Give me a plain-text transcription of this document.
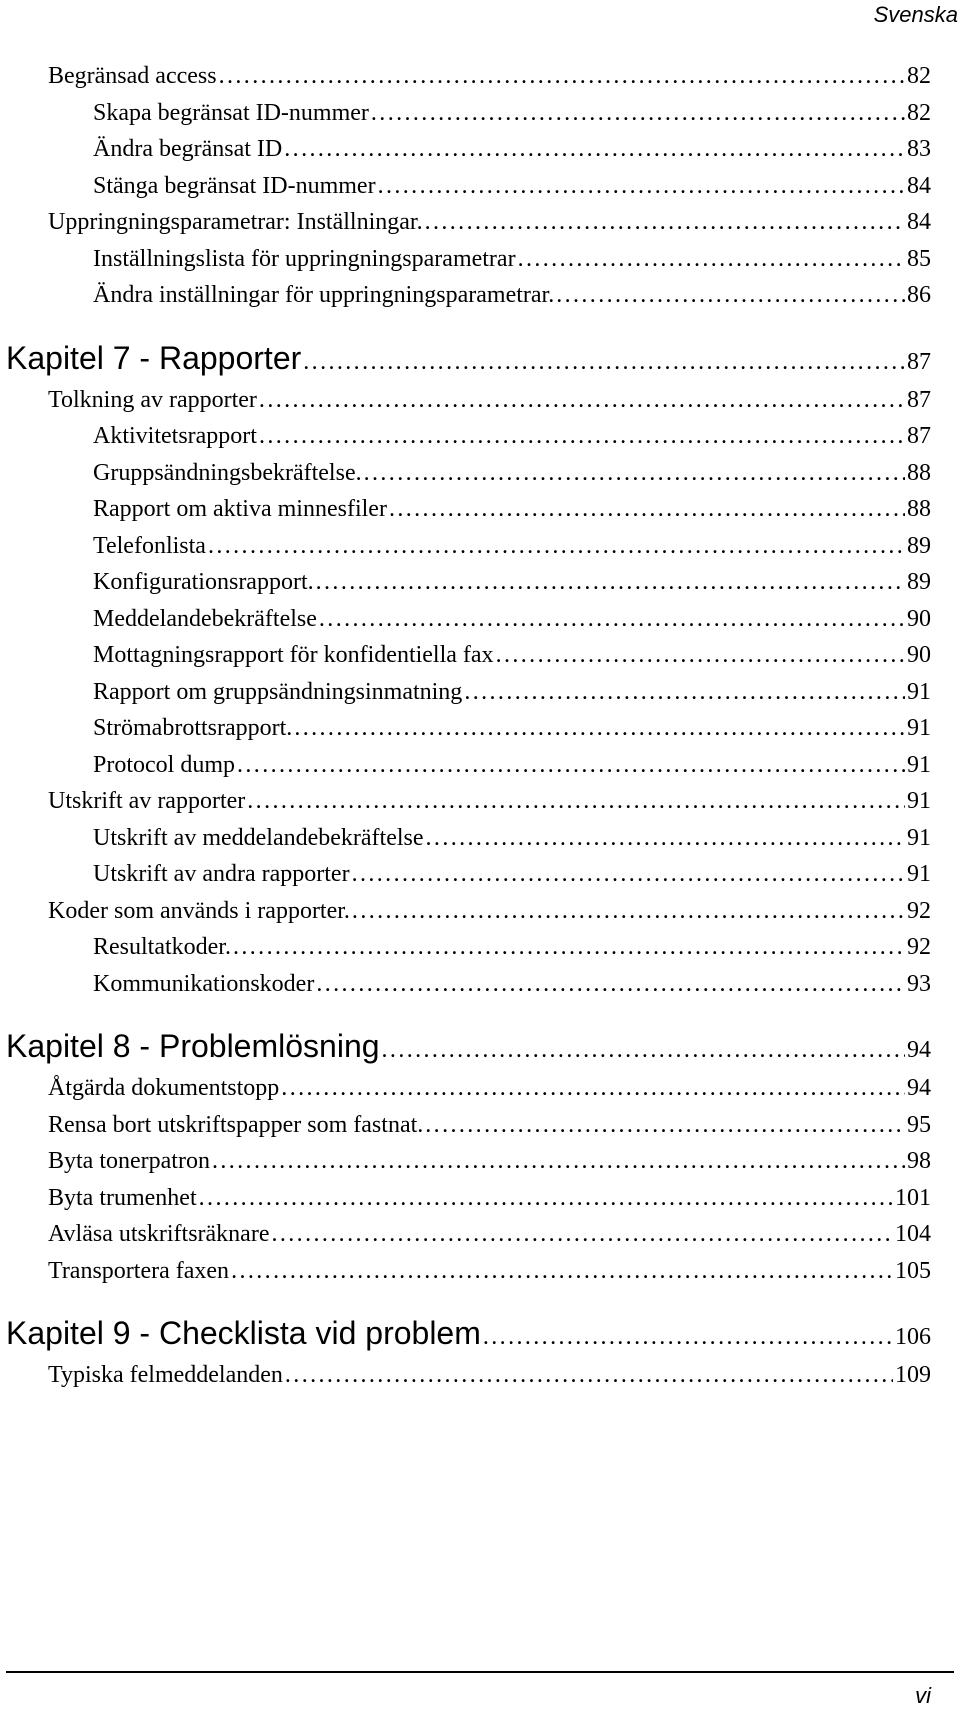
Svenska
Begränsad access . . .	82
Skapa begränsat ID-nummer . . .	82
Ändra begränsat ID . . .	83
Stänga begränsat ID-nummer . . .	84
Uppringningsparametrar: Inställningar. . . .	84
Inställningslista för uppringningsparametrar . . .	85
Ändra inställningar för uppringningsparametrar. . . .	86
Kapitel 7 - Rapporter . . .	87
Tolkning av rapporter . . .	87
Aktivitetsrapport . . .	87
Gruppsändningsbekräftelse. . . .	88
Rapport om aktiva minnesfiler . . .	88
Telefonlista . . .	89
Konfigurationsrapport. . . .	89
Meddelandebekräftelse . . .	90
Mottagningsrapport för konfidentiella fax . . .	90
Rapport om gruppsändningsinmatning . . .	91
Strömabrottsrapport. . . .	91
Protocol dump . . .	91
Utskrift av rapporter . . .	91
Utskrift av meddelandebekräftelse . . .	91
Utskrift av andra rapporter . . .	91
Koder som används i rapporter. . . .	92
Resultatkoder. . . .	92
Kommunikationskoder . . .	93
Kapitel 8 - Problemlösning . . .	94
Åtgärda dokumentstopp . . .	94
Rensa bort utskriftspapper som fastnat. . . .	95
Byta tonerpatron . . .	98
Byta trumenhet . . .	101
Avläsa utskriftsräknare . . .	104
Transportera faxen . . .	105
Kapitel 9 - Checklista vid problem . . .	106
Typiska felmeddelanden . . .	109
vi
